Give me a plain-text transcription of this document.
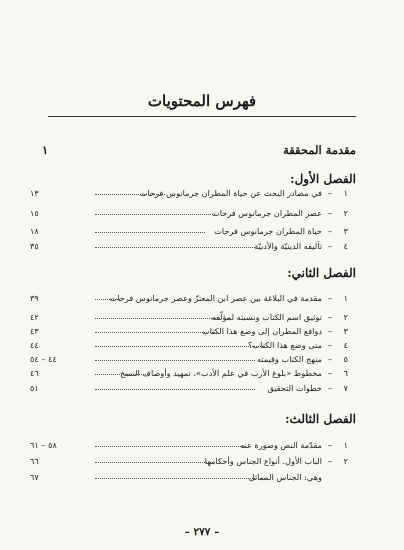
فهرس المحتويات
مقدمة المحققة
١
الفصل الأول:
١
–
في مصادر البحث عن حياة المطران جرمانوس فرحات
١٣
٢
–
عصر المطران جرمانوس فرحات
١٥
٣
–
حياة المطران جرمانوس فرحات
١٨
٤
–
تآليفه الدينيّة والأدبيّة
٣٥
الفصل الثاني:
١
–
مقدمة في البلاغة بين عصر ابن المعتزّ وعصر جرمانوس فرحات
٣٩
٢
–
توثيق اسم الكتاب ونسبته لمؤلّفه
٤٢
٣
–
دوافع المطران إلى وضع هذا الكتاب
٤٣
٤
–
متى وضع هذا الكتاب؟
٤٤
٥
–
منهج الكتاب وقيمته
٤٤ – ٥٤
٦
–
مخطوط «بلوغ الأرب في علم الأدب»، تمهيد وأوصاف النسخ
٤٦
٧
–
خطوات التحقيق
٥١
الفصل الثالث:
١
–
مقدّمة النص وصورة عنه
٥٨ – ٦١
٢
–
الباب الأول. أنواع الجناس وأحكامها
٦٦
وهي: الجناس المماثل
٦٧
– ٢٧٧ –
